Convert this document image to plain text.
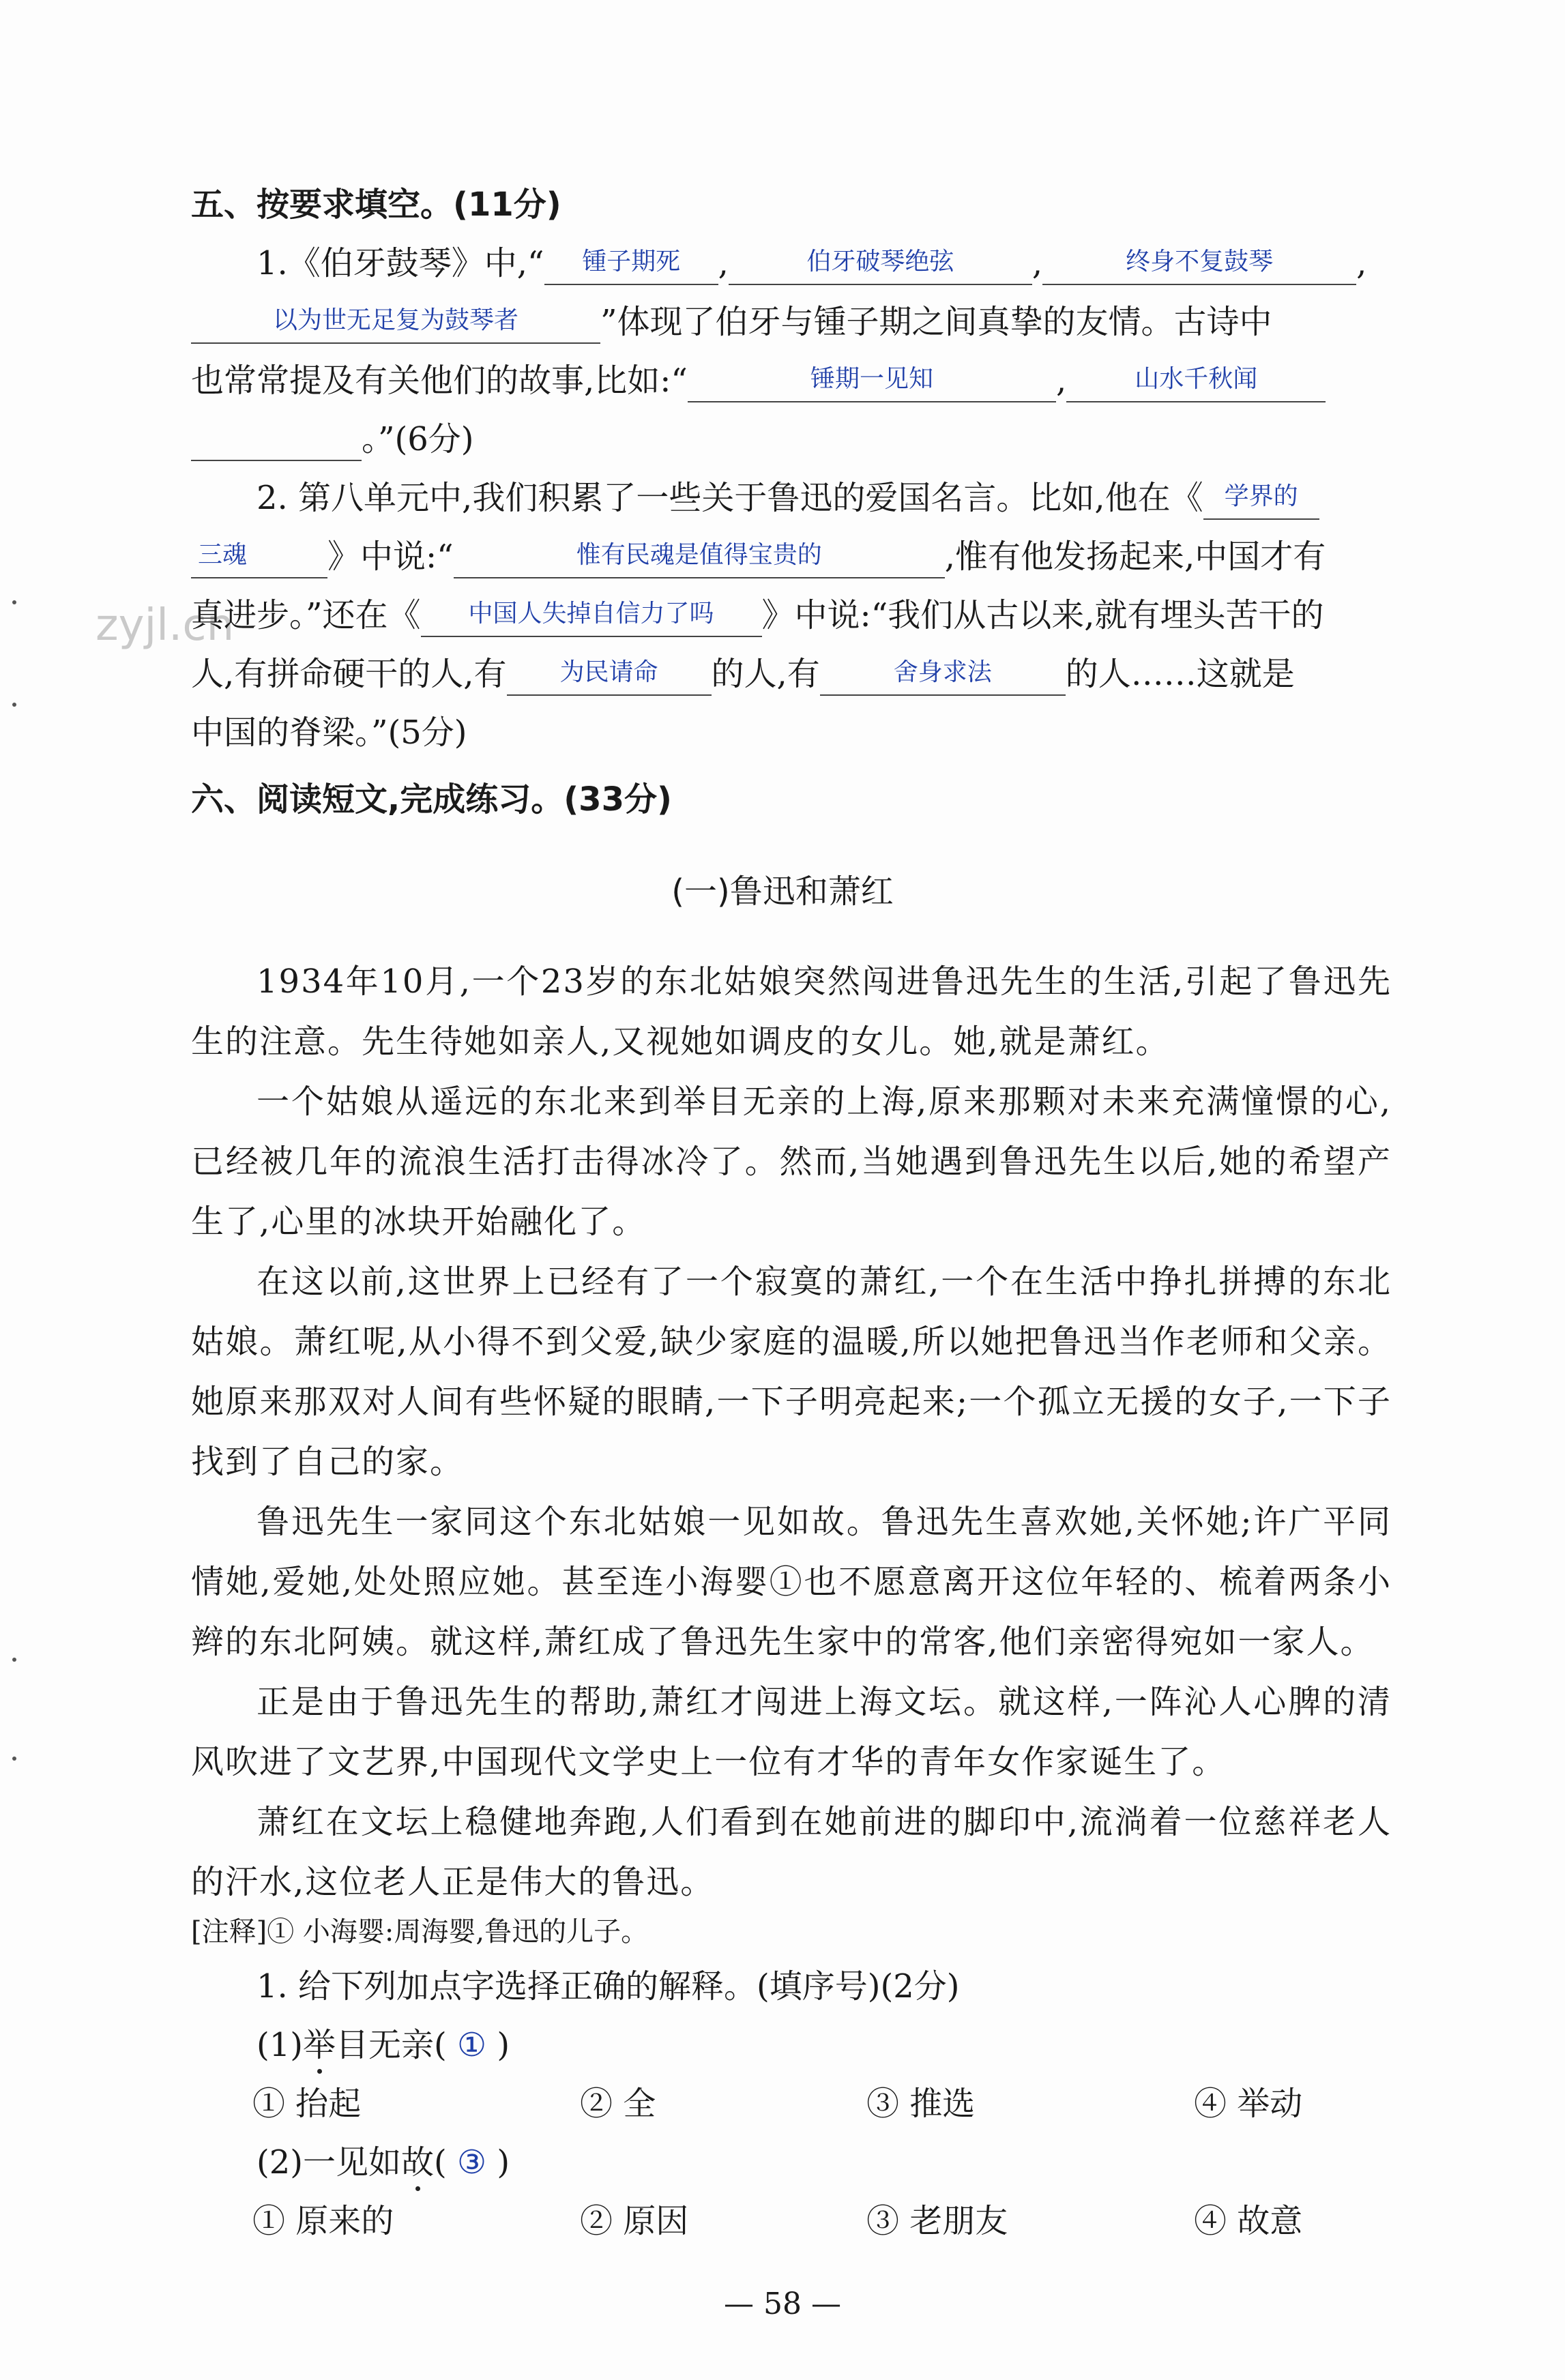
zyjl.cn
五、按要求填空。(11分)
1.《伯牙鼓琴》中,“	锺子期死	,	伯牙破琴绝弦	,	终身不复鼓琴	,
以为世无足复为鼓琴者	”体现了伯牙与锺子期之间真挚的友情。古诗中
也常常提及有关他们的故事,比如:“	锤期一见知	,	山水千秋闻
。”(6分)
2. 第八单元中,我们积累了一些关于鲁迅的爱国名言。比如,他在《 学界的
三魂	》中说:“	惟有民魂是值得宝贵的	,惟有他发扬起来,中国才有
真进步。”还在《	中国人失掉自信力了吗	》中说:“我们从古以来,就有埋头苦干的
人,有拼命硬干的人,有	为民请命	的人,有	舍身求法	的人……这就是
中国的脊梁。”(5分)
六、阅读短文,完成练习。(33分)
(一)鲁迅和萧红
1934年10月,一个23岁的东北姑娘突然闯进鲁迅先生的生活,引起了鲁迅先生的注意。先生待她如亲人,又视她如调皮的女儿。她,就是萧红。
一个姑娘从遥远的东北来到举目无亲的上海,原来那颗对未来充满憧憬的心,已经被几年的流浪生活打击得冰冷了。然而,当她遇到鲁迅先生以后,她的希望产生了,心里的冰块开始融化了。
在这以前,这世界上已经有了一个寂寞的萧红,一个在生活中挣扎拼搏的东北姑娘。萧红呢,从小得不到父爱,缺少家庭的温暖,所以她把鲁迅当作老师和父亲。她原来那双对人间有些怀疑的眼睛,一下子明亮起来;一个孤立无援的女子,一下子找到了自己的家。
鲁迅先生一家同这个东北姑娘一见如故。鲁迅先生喜欢她,关怀她;许广平同情她,爱她,处处照应她。甚至连小海婴①也不愿意离开这位年轻的、梳着两条小辫的东北阿姨。就这样,萧红成了鲁迅先生家中的常客,他们亲密得宛如一家人。
正是由于鲁迅先生的帮助,萧红才闯进上海文坛。就这样,一阵沁人心脾的清风吹进了文艺界,中国现代文学史上一位有才华的青年女作家诞生了。
萧红在文坛上稳健地奔跑,人们看到在她前进的脚印中,流淌着一位慈祥老人的汗水,这位老人正是伟大的鲁迅。
[注释]① 小海婴:周海婴,鲁迅的儿子。
1. 给下列加点字选择正确的解释。(填序号)(2分)
(1)举目无亲( ① )
① 抬起	② 全	③ 推选	④ 举动
(2)一见如故( ③ )
① 原来的	② 原因	③ 老朋友	④ 故意
— 58 —
